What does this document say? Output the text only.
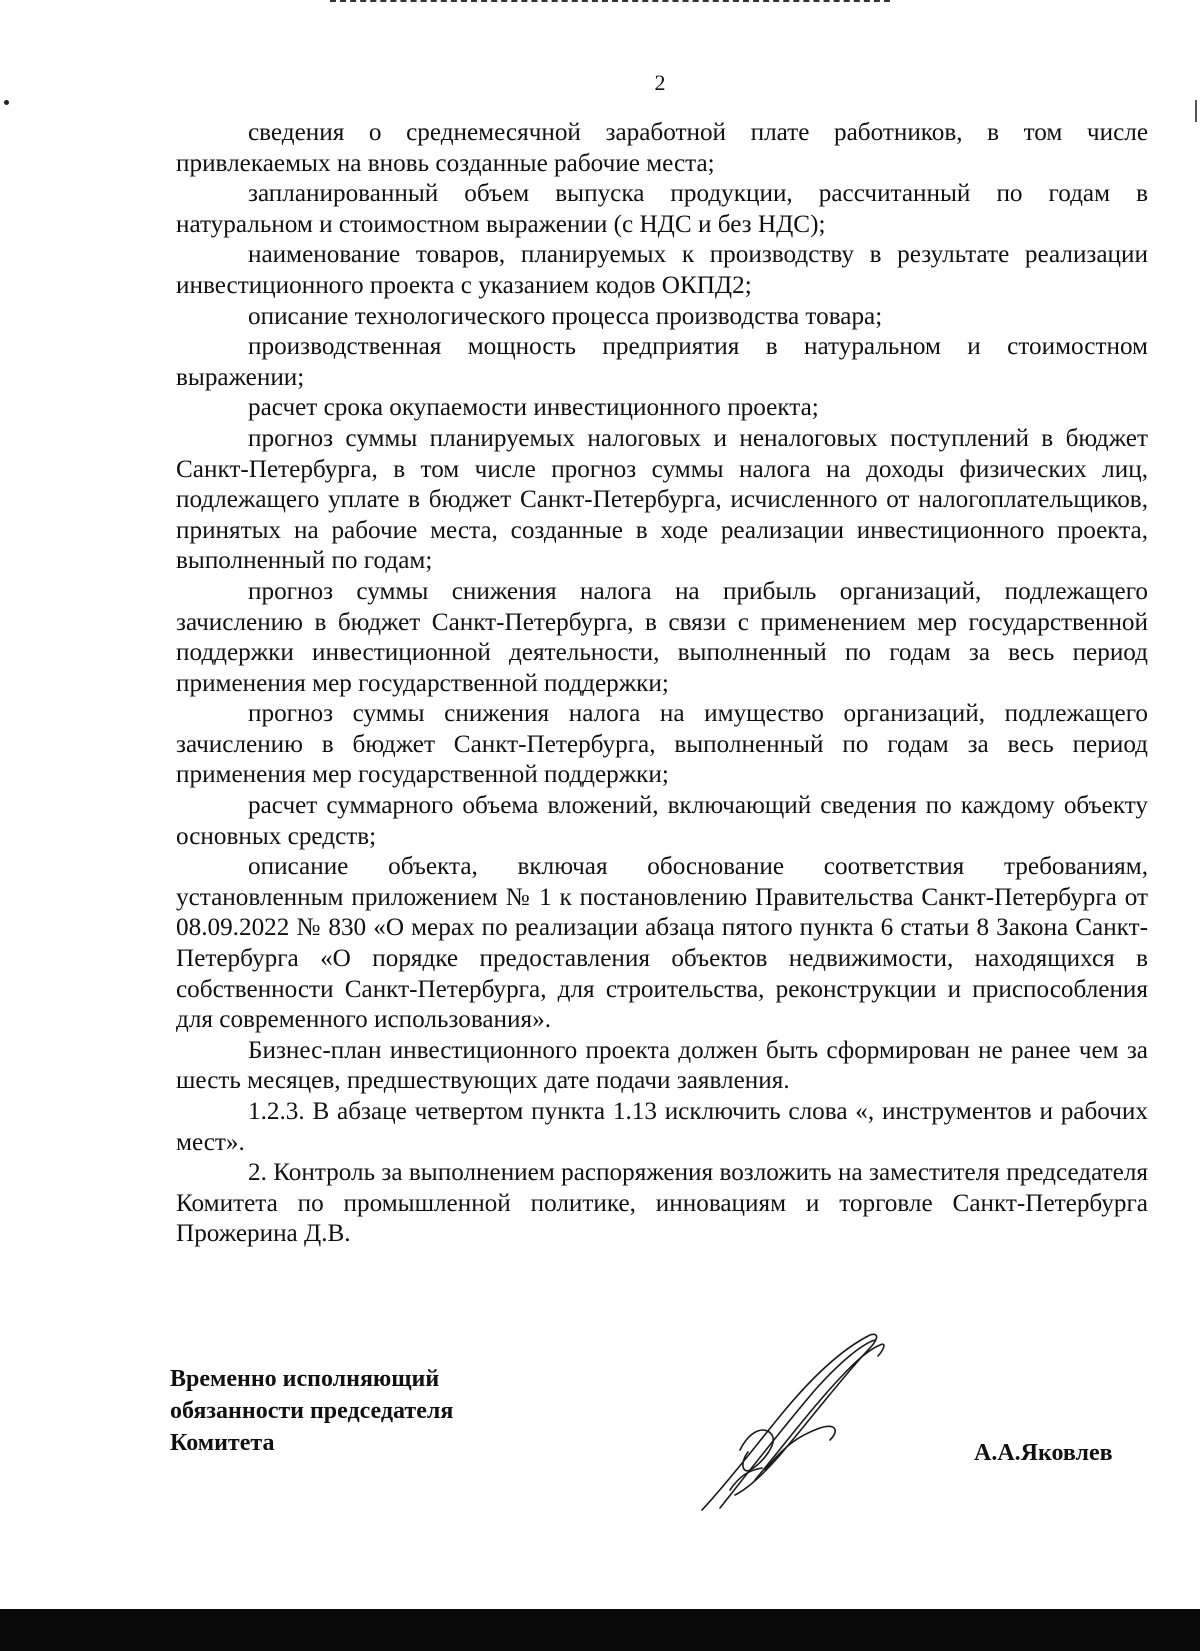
2

сведения о среднемесячной заработной плате работников, в том числе привлекаемых на вновь созданные рабочие места;

запланированный объем выпуска продукции, рассчитанный по годам в натуральном и стоимостном выражении (с НДС и без НДС);

наименование товаров, планируемых к производству в результате реализации инвестиционного проекта с указанием кодов ОКПД2;

описание технологического процесса производства товара;

производственная мощность предприятия в натуральном и стоимостном выражении;

расчет срока окупаемости инвестиционного проекта;

прогноз суммы планируемых налоговых и неналоговых поступлений в бюджет Санкт-Петербурга, в том числе прогноз суммы налога на доходы физических лиц, подлежащего уплате в бюджет Санкт-Петербурга, исчисленного от налогоплательщиков, принятых на рабочие места, созданные в ходе реализации инвестиционного проекта, выполненный по годам;

прогноз суммы снижения налога на прибыль организаций, подлежащего зачислению в бюджет Санкт-Петербурга, в связи с применением мер государственной поддержки инвестиционной деятельности, выполненный по годам за весь период применения мер государственной поддержки;

прогноз суммы снижения налога на имущество организаций, подлежащего зачислению в бюджет Санкт-Петербурга, выполненный по годам за весь период применения мер государственной поддержки;

расчет суммарного объема вложений, включающий сведения по каждому объекту основных средств;

описание объекта, включая обоснование соответствия требованиям, установленным приложением № 1 к постановлению Правительства Санкт-Петербурга от 08.09.2022 № 830 «О мерах по реализации абзаца пятого пункта 6 статьи 8 Закона Санкт-Петербурга «О порядке предоставления объектов недвижимости, находящихся в собственности Санкт-Петербурга, для строительства, реконструкции и приспособления для современного использования».

Бизнес-план инвестиционного проекта должен быть сформирован не ранее чем за шесть месяцев, предшествующих дате подачи заявления.

1.2.3. В абзаце четвертом пункта 1.13 исключить слова «, инструментов и рабочих мест».

2. Контроль за выполнением распоряжения возложить на заместителя председателя Комитета по промышленной политике, инновациям и торговле Санкт-Петербурга Прожерина Д.В.

Временно исполняющий
обязанности председателя
Комитета	А.А.Яковлев
